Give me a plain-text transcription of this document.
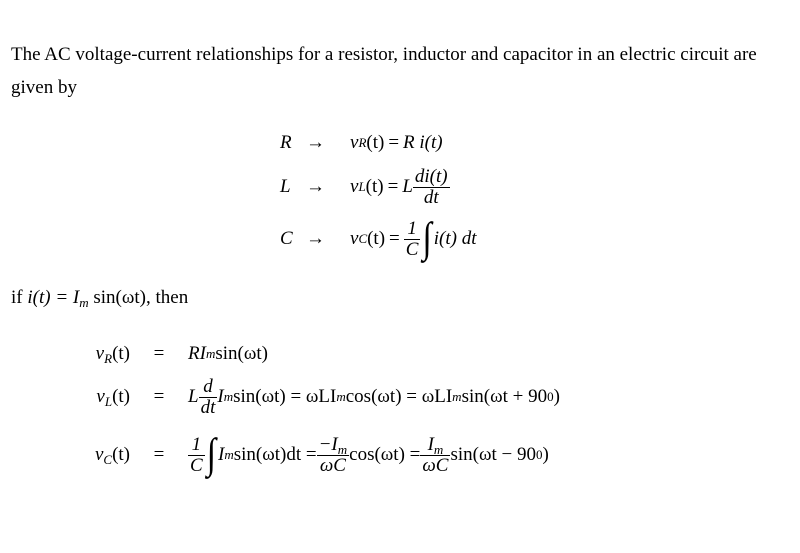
The AC voltage-current relationships for a resistor, inductor and capacitor in an electric circuit are
given by
R →	v R (t) = R i(t)
L →	v L (t) = L $\frac{di(t)}{dt}$
C →	v C $(t) = \frac{1}{C}$ ∫ i(t) dt
if $i(t) = I_m$ sin(ωt), then
$v_R(t)$	=	RI m sin(ωt)
$v_L(t)$	=	L $\frac{d}{dt}$ I m sin(ωt) = ωLI m cos(ωt) = ωLI m sin(ωt + 90 0 )
$v_C(t)$	=	$\frac{1}{C}$ ∫ I m $\sin(\omega t)dt = \frac{-I_m}{\omega C} \cos(\omega t) = \frac{I_m}{\omega C} \sin(\omega t - 90$ 0 )
